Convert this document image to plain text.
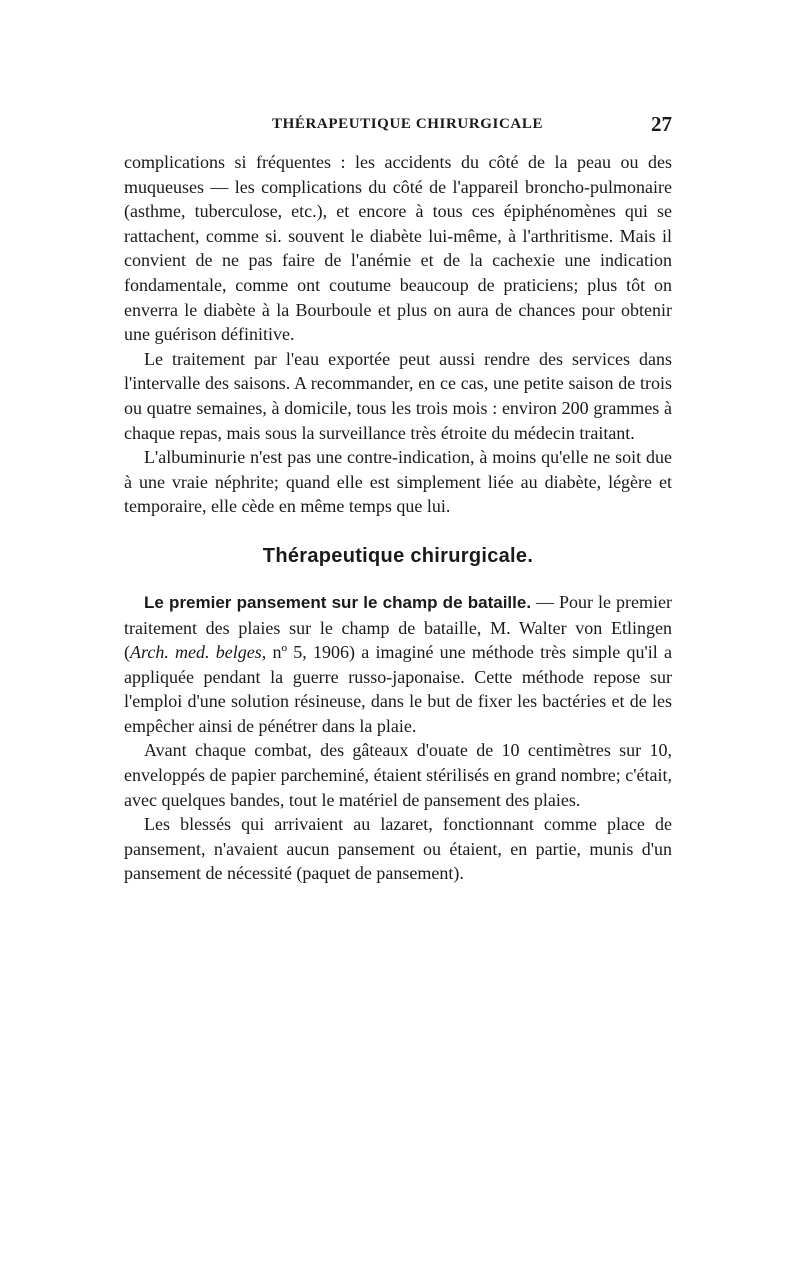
THÉRAPEUTIQUE CHIRURGICALE	27

complications si fréquentes : les accidents du côté de la peau ou des muqueuses — les complications du côté de l'appareil broncho-pulmonaire (asthme, tuberculose, etc.), et encore à tous ces épiphénomènes qui se rattachent, comme si. souvent le diabète lui-même, à l'arthritisme. Mais il convient de ne pas faire de l'anémie et de la cachexie une indication fondamentale, comme ont coutume beaucoup de praticiens; plus tôt on enverra le diabète à la Bourboule et plus on aura de chances pour obtenir une guérison définitive.

Le traitement par l'eau exportée peut aussi rendre des services dans l'intervalle des saisons. A recommander, en ce cas, une petite saison de trois ou quatre semaines, à domicile, tous les trois mois : environ 200 grammes à chaque repas, mais sous la surveillance très étroite du médecin traitant.

L'albuminurie n'est pas une contre-indication, à moins qu'elle ne soit due à une vraie néphrite; quand elle est simplement liée au diabète, légère et temporaire, elle cède en même temps que lui.

Thérapeutique chirurgicale.

Le premier pansement sur le champ de bataille. — Pour le premier traitement des plaies sur le champ de bataille, M. Walter von Etlingen (Arch. med. belges, nº 5, 1906) a imaginé une méthode très simple qu'il a appliquée pendant la guerre russo-japonaise. Cette méthode repose sur l'emploi d'une solution résineuse, dans le but de fixer les bactéries et de les empêcher ainsi de pénétrer dans la plaie.

Avant chaque combat, des gâteaux d'ouate de 10 centimètres sur 10, enveloppés de papier parcheminé, étaient stérilisés en grand nombre; c'était, avec quelques bandes, tout le matériel de pansement des plaies.

Les blessés qui arrivaient au lazaret, fonctionnant comme place de pansement, n'avaient aucun pansement ou étaient, en partie, munis d'un pansement de nécessité (paquet de pansement).
